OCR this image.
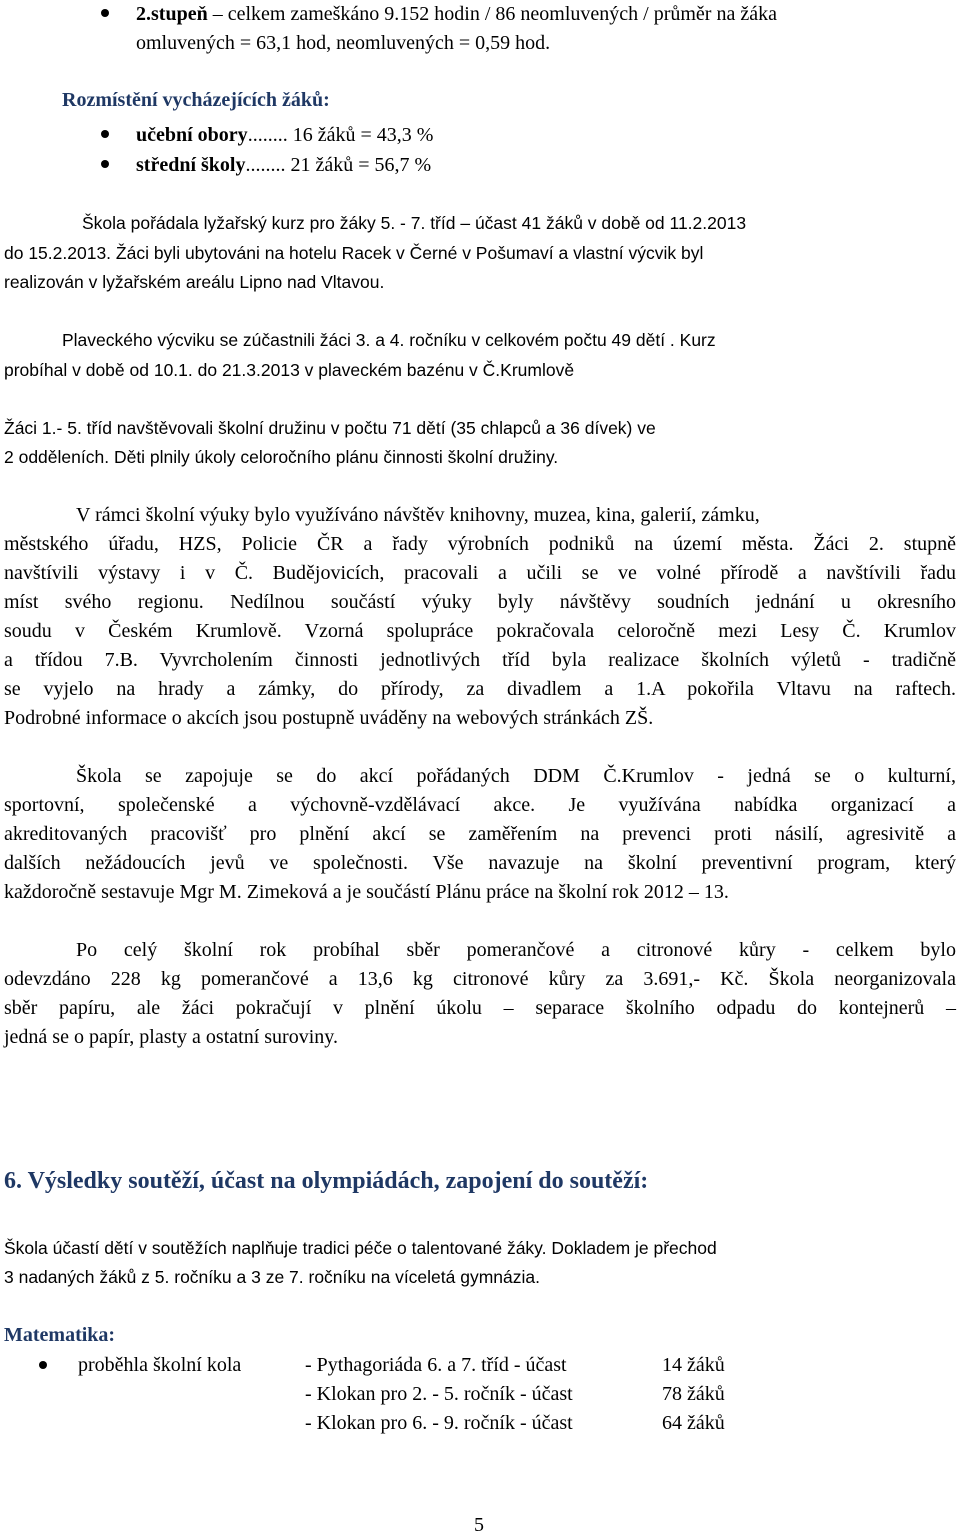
2.stupeň – celkem zameškáno 9.152 hodin / 86 neomluvených / průměr na žáka
omluvených = 63,1 hod, neomluvených = 0,59 hod.
Rozmístění vycházejících žáků:
učební obory........ 16 žáků = 43,3 %
střední školy........ 21 žáků = 56,7 %
Škola pořádala lyžařský kurz pro žáky 5. - 7. tříd – účast 41 žáků v době od 11.2.2013
do 15.2.2013. Žáci byli ubytováni na hotelu Racek v Černé v Pošumaví a vlastní výcvik byl
realizován v lyžařském areálu Lipno nad Vltavou.
Plaveckého výcviku se zúčastnili žáci 3. a 4. ročníku v celkovém počtu 49 dětí . Kurz
probíhal v době od 10.1. do 21.3.2013 v plaveckém bazénu v Č.Krumlově
Žáci 1.- 5. tříd navštěvovali školní družinu v počtu 71 dětí (35 chlapců a 36 dívek) ve
2 odděleních. Děti plnily úkoly celoročního plánu činnosti školní družiny.
V rámci školní výuky bylo využíváno návštěv knihovny, muzea, kina, galerií, zámku,
městského úřadu, HZS, Policie ČR a řady výrobních podniků na území města. Žáci 2. stupně
navštívili výstavy i v Č. Budějovicích, pracovali a učili se ve volné přírodě a navštívili řadu
míst svého regionu. Nedílnou součástí výuky byly návštěvy soudních jednání u okresního
soudu v Českém Krumlově. Vzorná spolupráce pokračovala celoročně mezi Lesy Č. Krumlov
a třídou 7.B. Vyvrcholením činnosti jednotlivých tříd byla realizace školních výletů - tradičně
se vyjelo na hrady a zámky, do přírody, za divadlem a 1.A pokořila Vltavu na raftech.
Podrobné informace o akcích jsou postupně uváděny na webových stránkách ZŠ.
Škola se zapojuje se do akcí pořádaných DDM Č.Krumlov - jedná se o kulturní,
sportovní, společenské a výchovně-vzdělávací akce. Je využívána nabídka organizací a
akreditovaných pracovišť pro plnění akcí se zaměřením na prevenci proti násilí, agresivitě a
dalších nežádoucích jevů ve společnosti. Vše navazuje na školní preventivní program, který
každoročně sestavuje Mgr M. Zimeková a je součástí Plánu práce na školní rok 2012 – 13.
Po celý školní rok probíhal sběr pomerančové a citronové kůry - celkem bylo
odevzdáno 228 kg pomerančové a 13,6 kg citronové kůry za 3.691,- Kč. Škola neorganizovala
sběr papíru, ale žáci pokračují v plnění úkolu – separace školního odpadu do kontejnerů –
jedná se o papír, plasty a ostatní suroviny.
6. Výsledky soutěží, účast na olympiádách, zapojení do soutěží:
Škola účastí dětí v soutěžích naplňuje tradici péče o talentované žáky. Dokladem je přechod
3 nadaných žáků z 5. ročníku a 3 ze 7. ročníku na víceletá gymnázia.
Matematika:
proběhla školní kola	- Pythagoriáda 6. a 7. tříd - účast	14 žáků
- Klokan pro 2. - 5. ročník - účast	78 žáků
- Klokan pro 6. - 9. ročník - účast	64 žáků
5
